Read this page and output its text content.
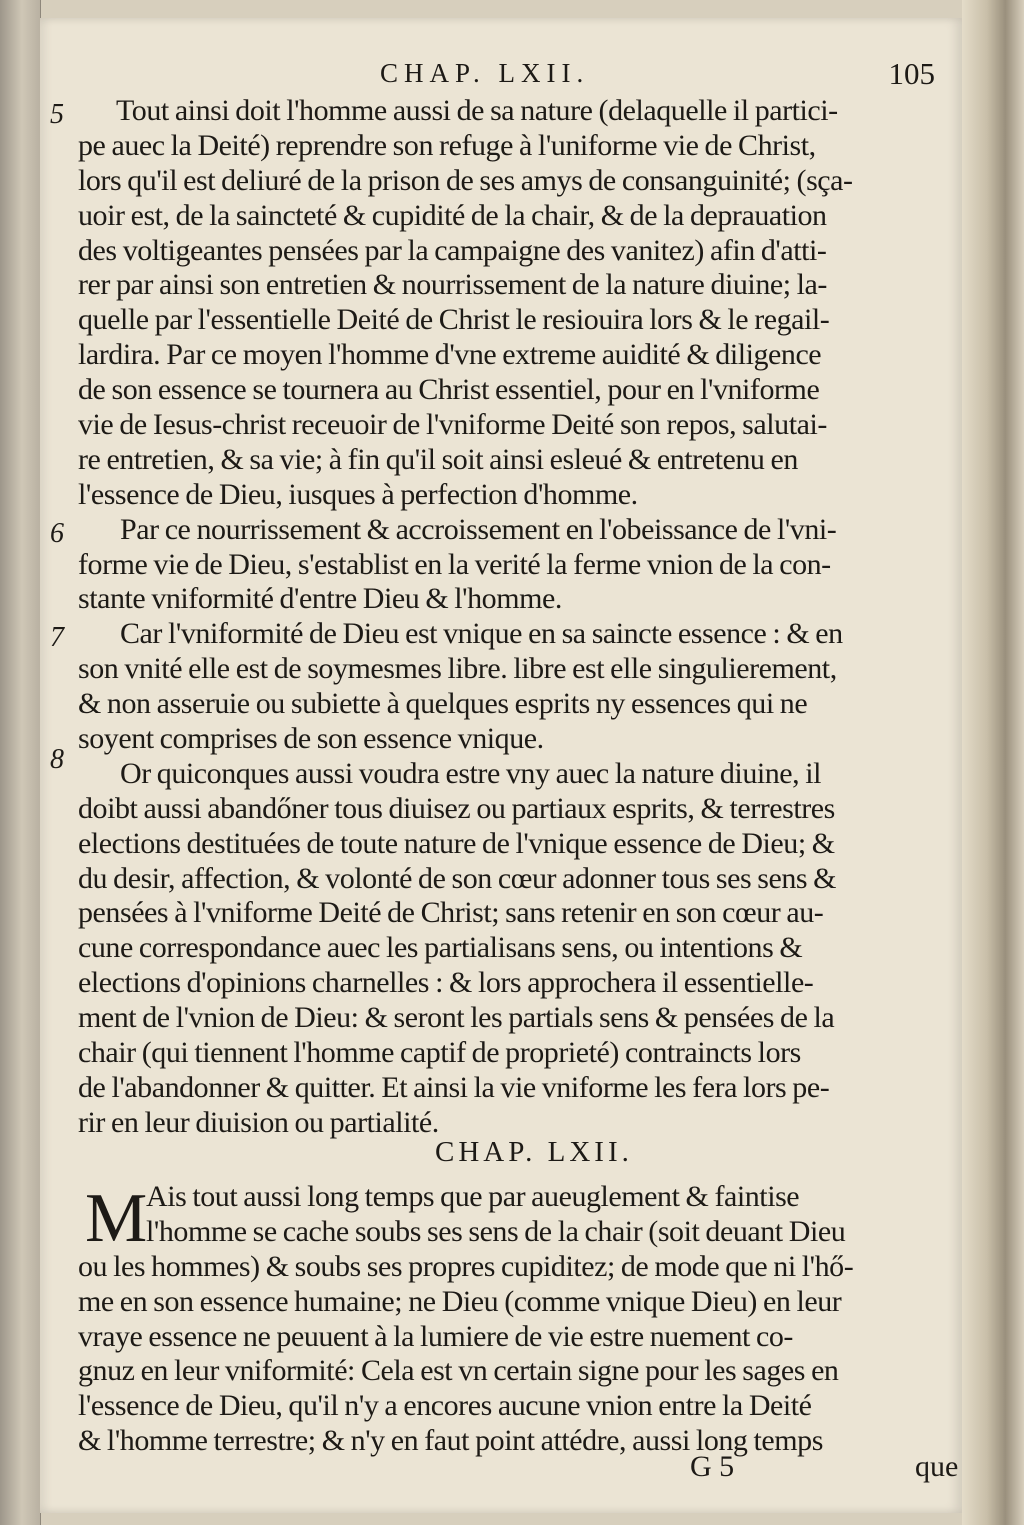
CHAP. LXII.	105
5
6
7
8
Tout ainsi doit l'homme aussi de sa nature (delaquelle il partici-
pe auec la Deité) reprendre son refuge à l'uniforme vie de Christ,
lors qu'il est deliuré de la prison de ses amys de consanguinité; (sça-
uoir est, de la saincteté & cupidité de la chair, & de la deprauation
des voltigeantes pensées par la campaigne des vanitez) afin d'atti-
rer par ainsi son entretien & nourrissement de la nature diuine; la-
quelle par l'essentielle Deité de Christ le resiouira lors & le regail-
lardira. Par ce moyen l'homme d'vne extreme auidité & diligence
de son essence se tournera au Christ essentiel, pour en l'vniforme
vie de Iesus-christ receuoir de l'vniforme Deité son repos, salutai-
re entretien, & sa vie; à fin qu'il soit ainsi esleué & entretenu en
l'essence de Dieu, iusques à perfection d'homme.
Par ce nourrissement & accroissement en l'obeissance de l'vni-
forme vie de Dieu, s'establist en la verité la ferme vnion de la con-
stante vniformité d'entre Dieu & l'homme.
Car l'vniformité de Dieu est vnique en sa saincte essence : & en
son vnité elle est de soymesmes libre. libre est elle singulierement,
& non asseruie ou subiette à quelques esprits ny essences qui ne
soyent comprises de son essence vnique.
Or quiconques aussi voudra estre vny auec la nature diuine, il
doibt aussi abandőner tous diuisez ou partiaux esprits, & terrestres
elections destituées de toute nature de l'vnique essence de Dieu; &
du desir, affection, & volonté de son cœur adonner tous ses sens &
pensées à l'vniforme Deité de Christ; sans retenir en son cœur au-
cune correspondance auec les partialisans sens, ou intentions &
elections d'opinions charnelles : & lors approchera il essentielle-
ment de l'vnion de Dieu: & seront les partials sens & pensées de la
chair (qui tiennent l'homme captif de proprieté) contraincts lors
de l'abandonner & quitter. Et ainsi la vie vniforme les fera lors pe-
rir en leur diuision ou partialité.
CHAP. LXII.
M
Ais tout aussi long temps que par aueuglement & faintise
l'homme se cache soubs ses sens de la chair (soit deuant Dieu
ou les hommes) & soubs ses propres cupiditez; de mode que ni l'hő-
me en son essence humaine; ne Dieu (comme vnique Dieu) en leur
vraye essence ne peuuent à la lumiere de vie estre nuement co-
gnuz en leur vniformité: Cela est vn certain signe pour les sages en
l'essence de Dieu, qu'il n'y a encores aucune vnion entre la Deité
& l'homme terrestre; & n'y en faut point attédre, aussi long temps
G 5	que
